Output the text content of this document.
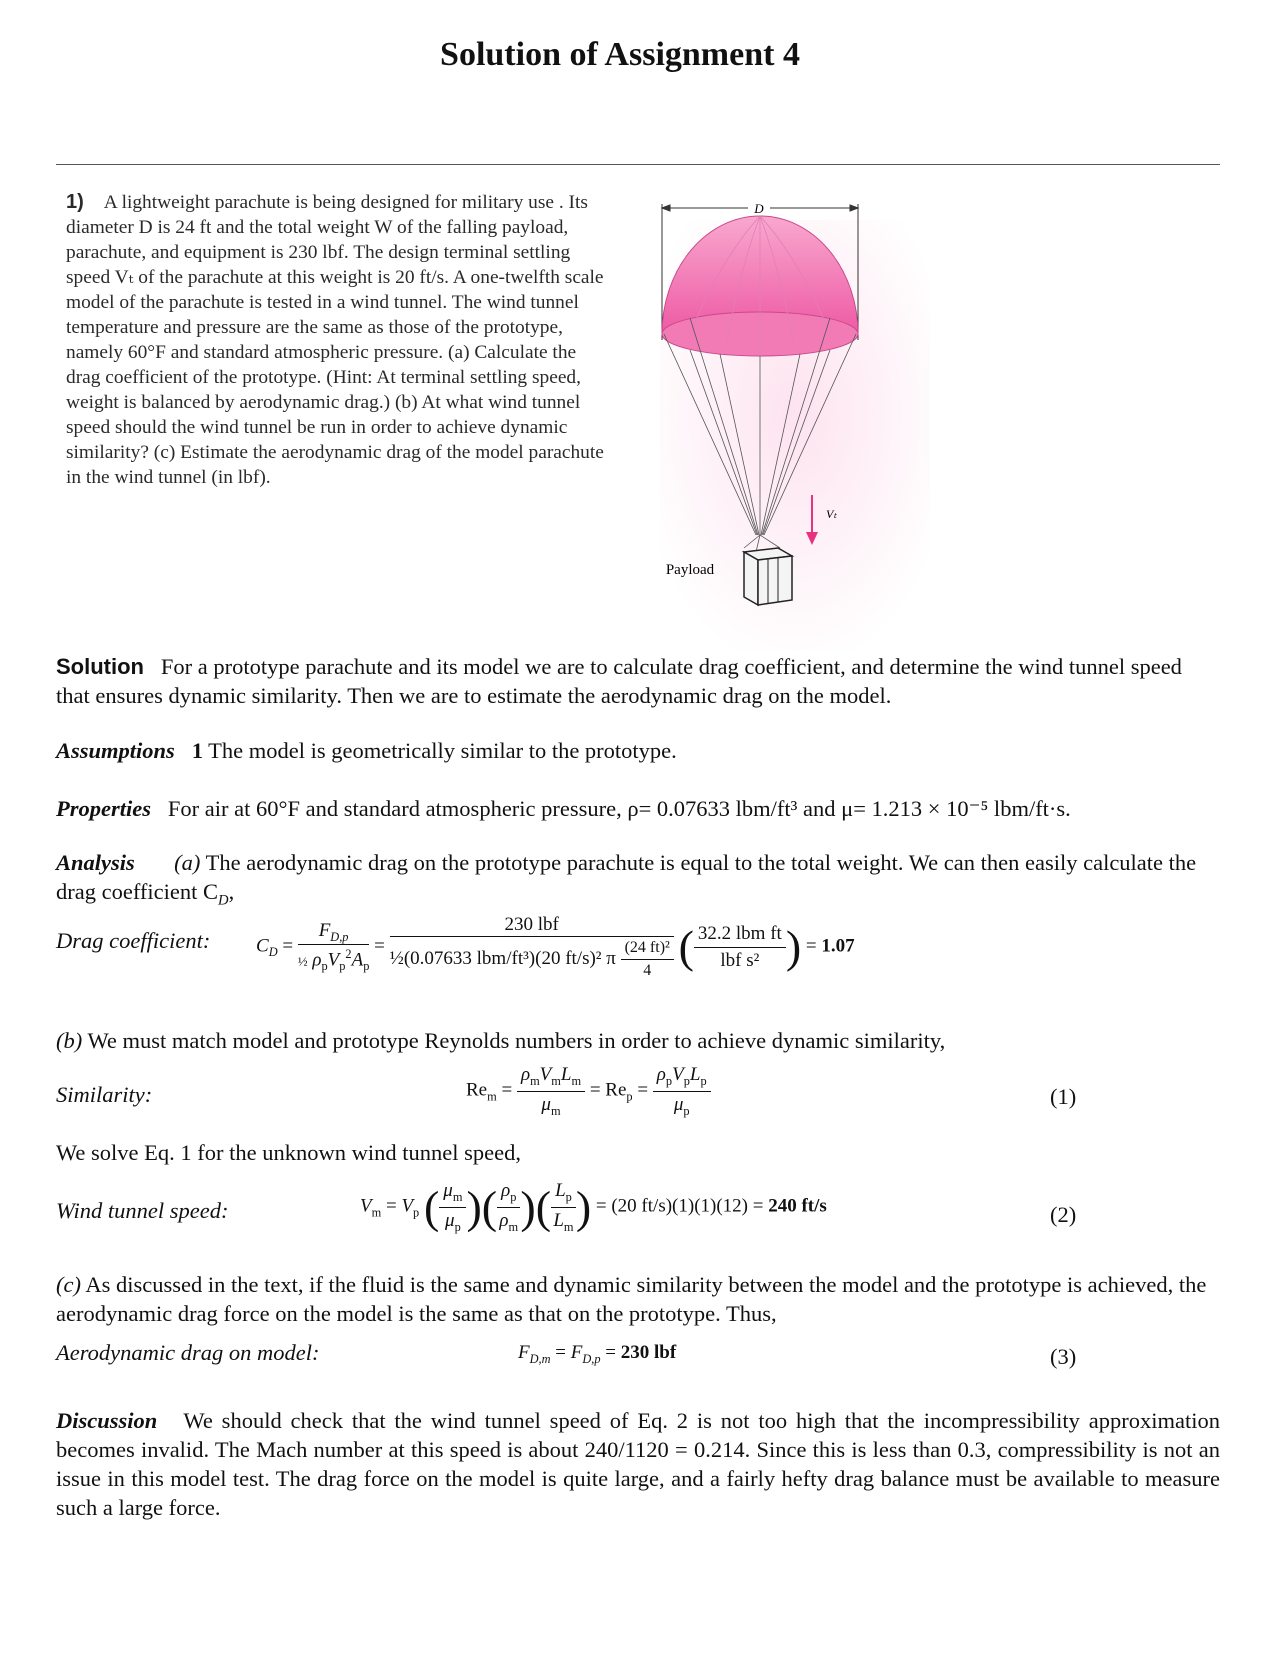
Solution of Assignment 4
1) A lightweight parachute is being designed for military use . Its diameter D is 24 ft and the total weight W of the falling payload, parachute, and equipment is 230 lbf. The design terminal settling speed Vₜ of the parachute at this weight is 20 ft/s. A one-twelfth scale model of the parachute is tested in a wind tunnel. The wind tunnel temperature and pressure are the same as those of the prototype, namely 60°F and standard atmospheric pressure. (a) Calculate the drag coefficient of the prototype. (Hint: At terminal settling speed, weight is balanced by aerodynamic drag.) (b) At what wind tunnel speed should the wind tunnel be run in order to achieve dynamic similarity? (c) Estimate the aerodynamic drag of the model parachute in the wind tunnel (in lbf).
D
Payload
Vₜ
Solution For a prototype parachute and its model we are to calculate drag coefficient, and determine the wind tunnel speed that ensures dynamic similarity. Then we are to estimate the aerodynamic drag on the model.
Assumptions 1 The model is geometrically similar to the prototype.
Properties For air at 60°F and standard atmospheric pressure, ρ= 0.07633 lbm/ft³ and μ= 1.213 × 10⁻⁵ lbm/ft·s.
Analysis (a) The aerodynamic drag on the prototype parachute is equal to the total weight. We can then easily calculate the drag coefficient $C_D$,
Drag coefficient: $C_D = \frac{F_{D,p}}{\frac{1}{2} \rho_pV_p^2A_p}$ =
230 lbf
½(0.07633 lbm/ft³)(20 ft/s)² π $\frac{\text{(24 ft)²}}{4}$ ( $\frac{\text{32.2 lbm ft}}{\text{lbf s²}}$ ) = 1.07
(b) We must match model and prototype Reynolds numbers in order to achieve dynamic similarity,
Similarity:	$Re_m = \frac{\rho_mV_mL_m}{\mu_m} = Re_p = \frac{\rho_pV_pL_p}{\mu_p}$	(1)
We solve Eq. 1 for the unknown wind tunnel speed,
Wind tunnel speed:	$V_m = V_p$ ( $\frac{\mu_m}{\mu_p}$ )( $\frac{\rho_p}{\rho_m}$ )( $\frac{L_p}{L_m}$ ) = (20 ft/s)(1)(1)(12) = 240 ft/s	(2)
(c) As discussed in the text, if the fluid is the same and dynamic similarity between the model and the prototype is achieved, the aerodynamic drag force on the model is the same as that on the prototype. Thus,
Aerodynamic drag on model:	$F_{D,m} = F_{D,p} = 230$ lbf	(3)
Discussion We should check that the wind tunnel speed of Eq. 2 is not too high that the incompressibility approximation becomes invalid. The Mach number at this speed is about 240/1120 = 0.214. Since this is less than 0.3, compressibility is not an issue in this model test. The drag force on the model is quite large, and a fairly hefty drag balance must be available to measure such a large force.
